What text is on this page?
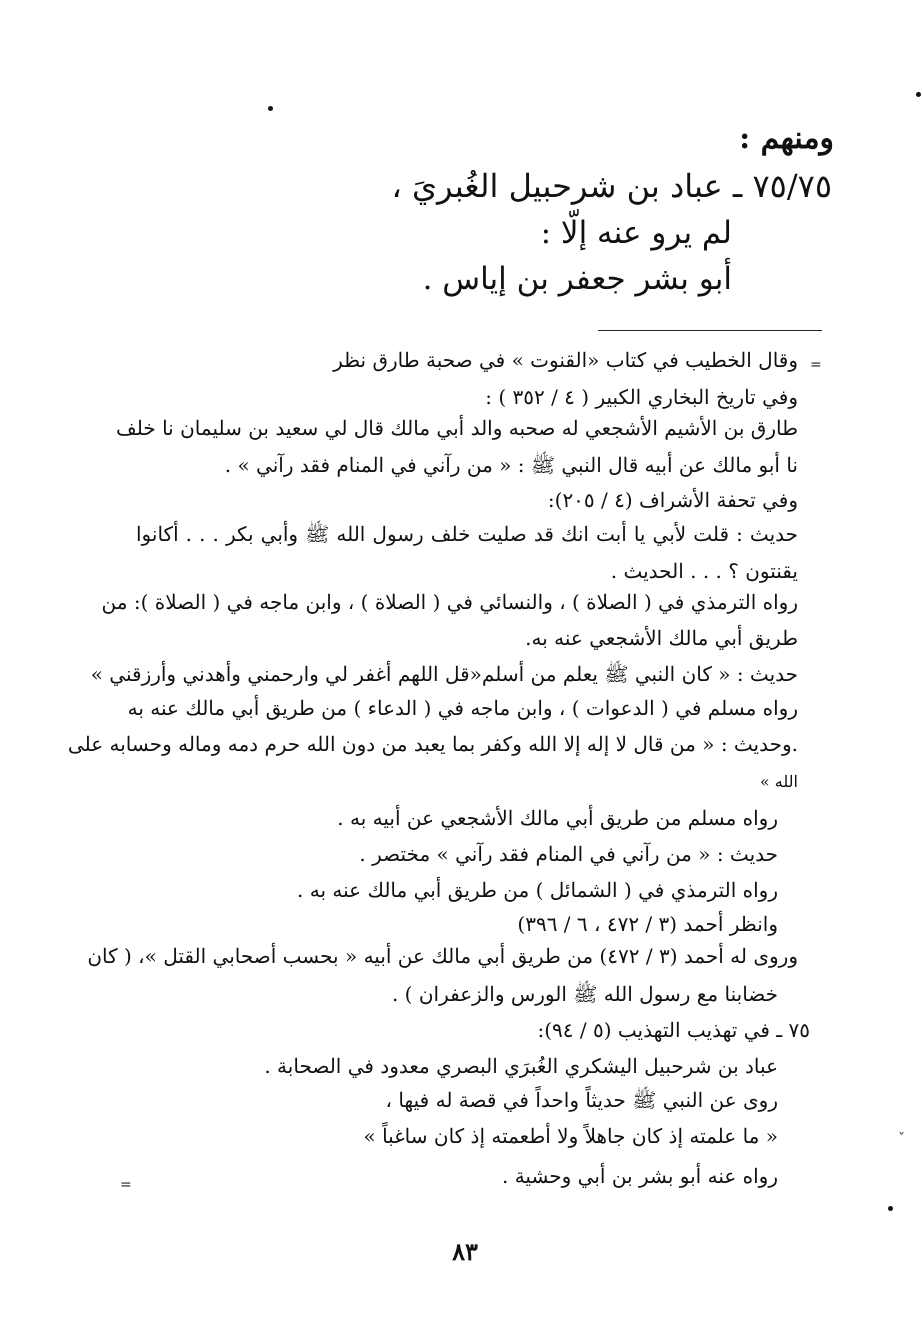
=
ˇ
ومنهم :
٧٥/٧٥ ـ عباد بن شرحبيل الغُبريَ ،
لم يرو عنه إلّا :
أبو بشر جعفر بن إياس .
=
وقال الخطيب في كتاب «القنوت » في صحبة طارق نظر
وفي تاريخ البخاري الكبير ( ٤ / ٣٥٢ ) :
طارق بن الأشيم الأشجعي له صحبه والد أبي مالك قال لي سعيد بن سليمان نا خلف
نا أبو مالك عن أبيه قال النبي ﷺ : « من رآني في المنام فقد رآني » .
وفي تحفة الأشراف (٤ / ٢٠٥):
حديث : قلت لأبي يا أبت انك قد صليت خلف رسول الله ﷺ وأبي بكر . . . أكانوا
يقنتون ؟ . . . الحديث .
رواه الترمذي في ( الصلاة ) ، والنسائي في ( الصلاة ) ، وابن ماجه في ( الصلاة ): من
طريق أبي مالك الأشجعي عنه به.
حديث : « كان النبي ﷺ يعلم من أسلم«قل اللهم أغفر لي وارحمني وأهدني وأرزقني »
رواه مسلم في ( الدعوات ) ، وابن ماجه في ( الدعاء ) من طريق أبي مالك عنه به
.وحديث : « من قال لا إله إلا الله وكفر بما يعبد من دون الله حرم دمه وماله وحسابه على
الله »
رواه مسلم من طريق أبي مالك الأشجعي عن أبيه به .
حديث : « من رآني في المنام فقد رآني » مختصر .
رواه الترمذي في ( الشمائل ) من طريق أبي مالك عنه به .
وانظر أحمد (٣ / ٤٧٢ ، ٦ / ٣٩٦)
وروى له أحمد (٣ / ٤٧٢) من طريق أبي مالك عن أبيه « بحسب أصحابي القتل »، ( كان
خضابنا مع رسول الله ﷺ الورس والزعفران ) .
٧٥ ـ في تهذيب التهذيب (٥ / ٩٤):
عباد بن شرحبيل اليشكري الغُبرَي البصري معدود في الصحابة .
روى عن النبي ﷺ حديثاً واحداً في قصة له فيها ،
« ما علمته إذ كان جاهلاً ولا أطعمته إذ كان ساغباً »
رواه عنه أبو بشر بن أبي وحشية .
٨٣
